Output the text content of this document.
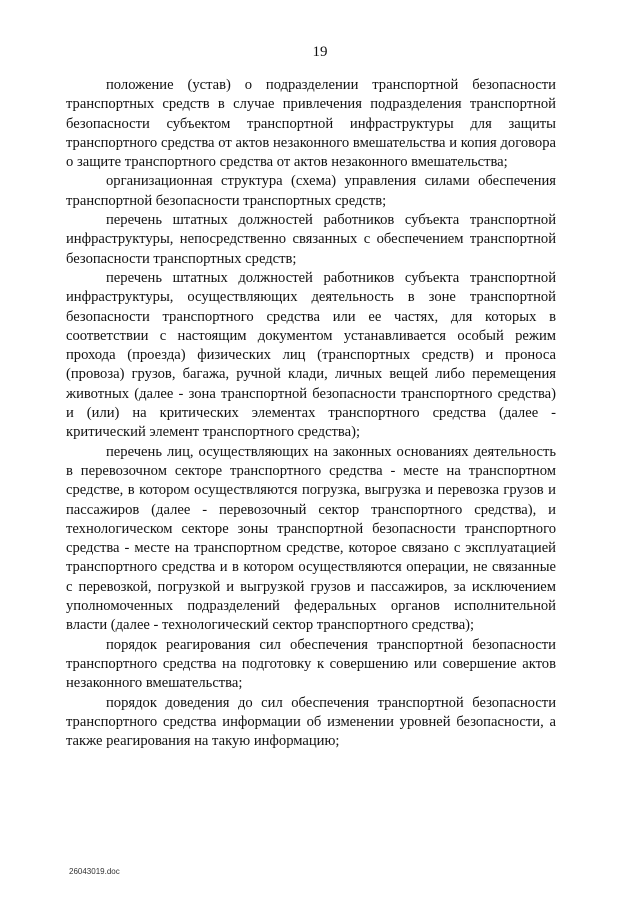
19

положение (устав) о подразделении транспортной безопасности транспортных средств в случае привлечения подразделения транспортной безопасности субъектом транспортной инфраструктуры для защиты транспортного средства от актов незаконного вмешательства и копия договора о защите транспортного средства от актов незаконного вмешательства;

организационная структура (схема) управления силами обеспечения транспортной безопасности транспортных средств;

перечень штатных должностей работников субъекта транспортной инфраструктуры, непосредственно связанных с обеспечением транспортной безопасности транспортных средств;

перечень штатных должностей работников субъекта транспортной инфраструктуры, осуществляющих деятельность в зоне транспортной безопасности транспортного средства или ее частях, для которых в соответствии с настоящим документом устанавливается особый режим прохода (проезда) физических лиц (транспортных средств) и проноса (провоза) грузов, багажа, ручной клади, личных вещей либо перемещения животных (далее - зона транспортной безопасности транспортного средства) и (или) на критических элементах транспортного средства (далее - критический элемент транспортного средства);

перечень лиц, осуществляющих на законных основаниях деятельность в перевозочном секторе транспортного средства - месте на транспортном средстве, в котором осуществляются погрузка, выгрузка и перевозка грузов и пассажиров (далее - перевозочный сектор транспортного средства), и технологическом секторе зоны транспортной безопасности транспортного средства - месте на транспортном средстве, которое связано с эксплуатацией транспортного средства и в котором осуществляются операции, не связанные с перевозкой, погрузкой и выгрузкой грузов и пассажиров, за исключением уполномоченных подразделений федеральных органов исполнительной власти (далее - технологический сектор транспортного средства);

порядок реагирования сил обеспечения транспортной безопасности транспортного средства на подготовку к совершению или совершение актов незаконного вмешательства;

порядок доведения до сил обеспечения транспортной безопасности транспортного средства информации об изменении уровней безопасности, а также реагирования на такую информацию;

26043019.doc
